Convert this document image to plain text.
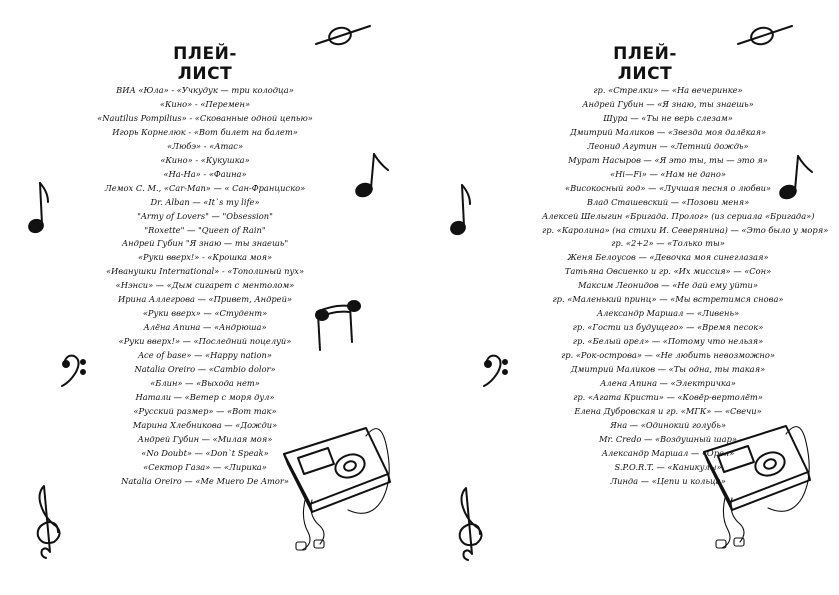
ПЛЕЙ-ЛИСТ
ВИА «Юла» - «Учкудук — три колодца»
«Кино» - «Перемен»
«Nautilus Pompilius» - «Скованные одной цепью»
Игорь Корнелюк - «Вот билет на балет»
«Любэ» - «Атас»
«Кино» - «Кукушка»
«На-На» - «Фаина»
Лемох С. М., «Car-Man» — « Сан-Франциско»
Dr. Alban — «It`s my life»
"Army of Lovers" — "Obsession"
"Roxette" — "Queen of Rain"
Андрей Губин "Я знаю — ты знаешь"
«Руки вверх!» - «Крошка моя»
«Иванушки International» - «Тополиный пух»
«Нэнси» — «Дым сигарет с ментолом»
Ирина Аллегрова — «Привет, Андрей»
«Руки вверх» — «Студент»
Алёна Апина — «Андрюша»
«Руки вверх!» — «Последний поцелуй»
Ace of base» — «Happy nation»
Natalia Oreiro — «Cambio dolor»
«Блин» — «Выхода нет»
Натали — «Ветер с моря дул»
«Русский размер» — «Вот так»
Марина Хлебникова — «Дожди»
Андрей Губин — «Милая моя»
«No Doubt» — «Don`t Speak»
«Сектор Газа» — «Лирика»
Natalia Oreiro — «Me Muero De Amor»
ПЛЕЙ-ЛИСТ
гр. «Стрелки» — «На вечеринке»
Андрей Губин — «Я знаю, ты знаешь»
Шура — «Ты не верь слезам»
Дмитрий Маликов — «Звезда моя далёкая»
Леонид Агутин — «Летний дождь»
Мурат Насыров — «Я это ты, ты — это я»
«Hi—Fi» — «Нам не дано»
«Високосный год» — «Лучшая песня о любви»
Влад Сташевский — «Позови меня»
Алексей Шелыгин «Бригада. Пролог» (из сериала «Бригада»)
гр. «Каролина» (на стихи И. Северянина) — «Это было у моря»
гр. «2+2» — «Только ты»
Женя Белоусов — «Девочка моя синеглазая»
Татьяна Овсиенко и гр. «Их миссия» — «Сон»
Максим Леонидов — «Не дай ему уйти»
гр. «Маленький принц» — «Мы встретимся снова»
Александр Маршал — «Ливень»
гр. «Гости из будущего» — «Время песок»
гр. «Белый орел» — «Потому что нельзя»
гр. «Рок-острова» — «Не любить невозможно»
Дмитрий Маликов — «Ты одна, ты такая»
Алена Апина — «Электричка»
гр. «Агата Кристи» — «Ковёр-вертолёт»
Елена Дубровская и гр. «МГК» — «Свечи»
Яна — «Одинокий голубь»
Mr. Credo — «Воздушный шар»
Александр Маршал — «Орел»
S.P.O.R.T. — «Каникулы»
Линда — «Цепи и кольца»
